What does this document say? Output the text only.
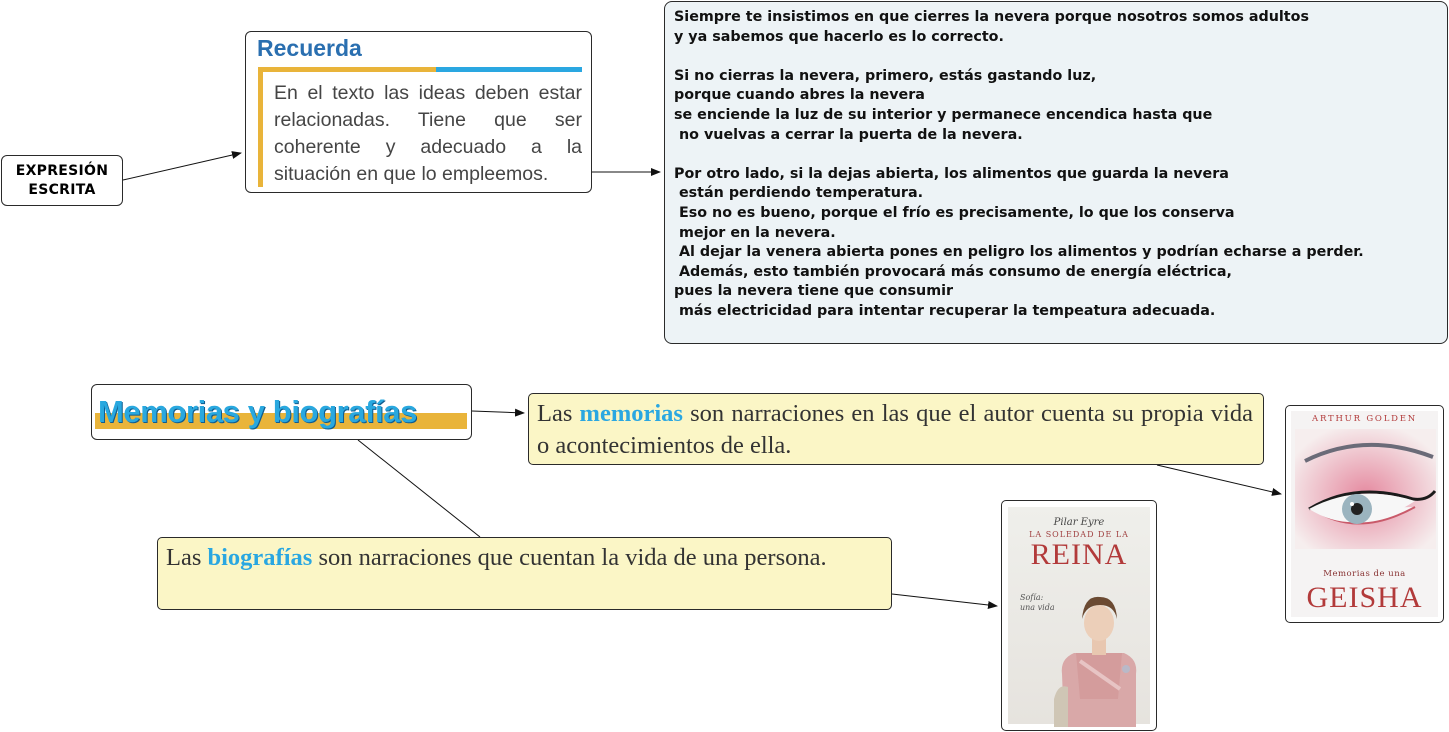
EXPRESIÓN
ESCRITA
Recuerda
En el texto las ideas deben estar relacionadas. Tiene que ser coherente y adecuado a la situación en que lo empleemos.
Siempre te insistimos en que cierres la nevera porque nosotros somos adultos
y ya sabemos que hacerlo es lo correcto.

Si no cierras la nevera, primero, estás gastando luz,
porque cuando abres la nevera
se enciende la luz de su interior y permanece encendica hasta que
no vuelvas a cerrar la puerta de la nevera.

Por otro lado, si la dejas abierta, los alimentos que guarda la nevera
están perdiendo temperatura.
Eso no es bueno, porque el frío es precisamente, lo que los conserva
mejor en la nevera.
Al dejar la venera abierta pones en peligro los alimentos y podrían echarse a perder.
Además, esto también provocará más consumo de energía eléctrica,
pues la nevera tiene que consumir
más electricidad para intentar recuperar la tempeatura adecuada.
Memorias y biografías	Las memorias son narraciones en las que el autor cuenta su propia vida o acontecimientos de ella.
Las biografías son narraciones que cuentan la vida de una persona.
Pilar Eyre
LA SOLEDAD DE LA
REINA
Sofía:
una vida
ARTHUR GOLDEN
Memorias de una
GEISHA
